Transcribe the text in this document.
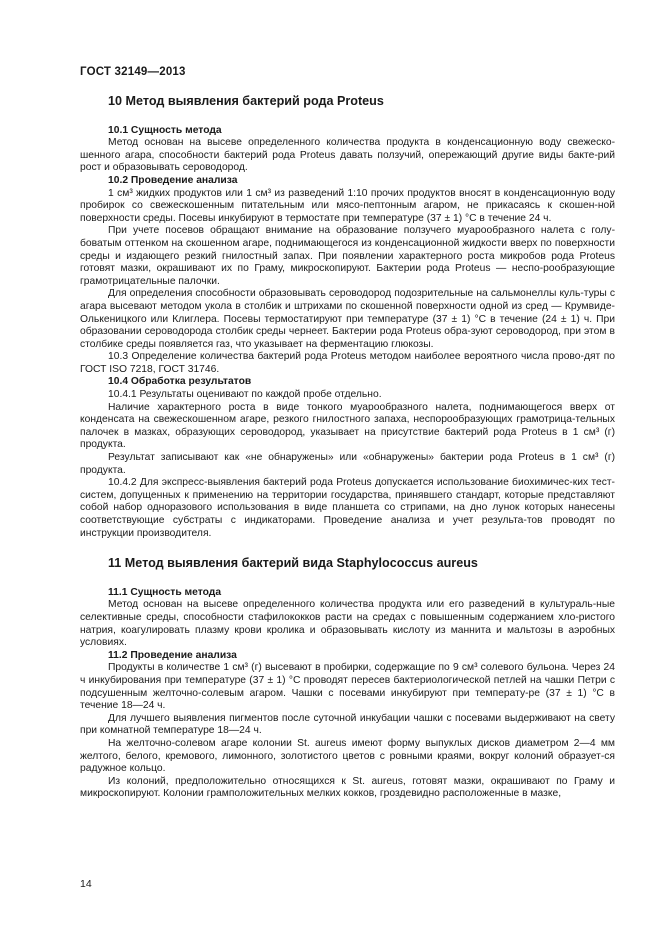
ГОСТ 32149—2013
10 Метод выявления бактерий рода Proteus
10.1 Сущность метода
Метод основан на высеве определенного количества продукта в конденсационную воду свежеско-шенного агара, способности бактерий рода Proteus давать ползучий, опережающий другие виды бакте-рий рост и образовывать сероводород.
10.2 Проведение анализа
1 см³ жидких продуктов или 1 см³ из разведений 1:10 прочих продуктов вносят в конденсационную воду пробирок со свежескошенным питательным или мясо-пептонным агаром, не прикасаясь к скошен-ной поверхности среды. Посевы инкубируют в термостате при температуре (37 ± 1) °С в течение 24 ч.
При учете посевов обращают внимание на образование ползучего муарообразного налета с голу-боватым оттенком на скошенном агаре, поднимающегося из конденсационной жидкости вверх по поверхности среды и издающего резкий гнилостный запах. При появлении характерного роста микробов рода Proteus готовят мазки, окрашивают их по Граму, микроскопируют. Бактерии рода Proteus — неспо-рообразующие грамотрицательные палочки.
Для определения способности образовывать сероводород подозрительные на сальмонеллы куль-туры с агара высевают методом укола в столбик и штрихами по скошенной поверхности одной из сред — Крумвиде-Олькеницкого или Клиглера. Посевы термостатируют при температуре (37 ± 1) °С в течение (24 ± 1) ч. При образовании сероводорода столбик среды чернеет. Бактерии рода Proteus обра-зуют сероводород, при этом в столбике среды появляется газ, что указывает на ферментацию глюкозы.
10.3 Определение количества бактерий рода Proteus методом наиболее вероятного числа прово-дят по ГОСТ ISO 7218, ГОСТ 31746.
10.4 Обработка результатов
10.4.1 Результаты оценивают по каждой пробе отдельно.
Наличие характерного роста в виде тонкого муарообразного налета, поднимающегося вверх от конденсата на свежескошенном агаре, резкого гнилостного запаха, неспорообразующих грамотрица-тельных палочек в мазках, образующих сероводород, указывает на присутствие бактерий рода Proteus в 1 см³ (г) продукта.
Результат записывают как «не обнаружены» или «обнаружены» бактерии рода Proteus в 1 см³ (г) продукта.
10.4.2 Для экспресс-выявления бактерий рода Proteus допускается использование биохимичес-ких тест-систем, допущенных к применению на территории государства, принявшего стандарт, которые представляют собой набор одноразового использования в виде планшета со стрипами, на дно лунок которых нанесены соответствующие субстраты с индикаторами. Проведение анализа и учет результа-тов проводят по инструкции производителя.
11 Метод выявления бактерий вида Staphylococcus aureus
11.1 Сущность метода
Метод основан на высеве определенного количества продукта или его разведений в культураль-ные селективные среды, способности стафилококков расти на средах с повышенным содержанием хло-ристого натрия, коагулировать плазму крови кролика и образовывать кислоту из маннита и мальтозы в аэробных условиях.
11.2 Проведение анализа
Продукты в количестве 1 см³ (г) высевают в пробирки, содержащие по 9 см³ солевого бульона. Через 24 ч инкубирования при температуре (37 ± 1) °С проводят пересев бактериологической петлей на чашки Петри с подсушенным желточно-солевым агаром. Чашки с посевами инкубируют при температу-ре (37 ± 1) °С в течение 18—24 ч.
Для лучшего выявления пигментов после суточной инкубации чашки с посевами выдерживают на свету при комнатной температуре 18—24 ч.
На желточно-солевом агаре колонии St. aureus имеют форму выпуклых дисков диаметром 2—4 мм желтого, белого, кремового, лимонного, золотистого цветов с ровными краями, вокруг колоний образует-ся радужное кольцо.
Из колоний, предположительно относящихся к St. aureus, готовят мазки, окрашивают по Граму и микроскопируют. Колонии грамположительных мелких кокков, гроздевидно расположенные в мазке,
14
